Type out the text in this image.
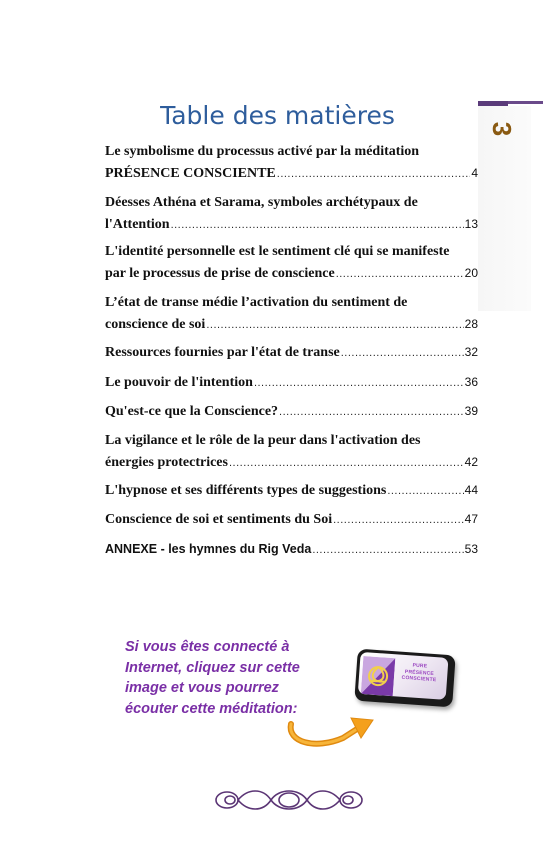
3
Table des matières
Le symbolisme du processus activé par la méditation
PRÉSENCE CONSCIENTE .....	4
Déesses Athéna et Sarama, symboles archétypaux de
l'Attention .....	13
L'identité personnelle est le sentiment clé qui se manifeste
par le processus de prise de conscience .....	20
L’état de transe médie l’activation du sentiment de
conscience de soi .....	28
Ressources fournies par l'état de transe .....	32
Le pouvoir de l'intention .....	36
Qu'est-ce que la Conscience? .....	39
La vigilance et le rôle de la peur dans l'activation des
énergies protectrices .....	42
L'hypnose et ses différents types de suggestions .....	44
Conscience de soi et sentiments du Soi .....	47
ANNEXE - les hymnes du Rig Veda .....	53
Si vous êtes connecté à
Internet, cliquez sur cette
image et vous pourrez
écouter cette méditation:
PURE
PRÉSENCE
CONSCIENTE
